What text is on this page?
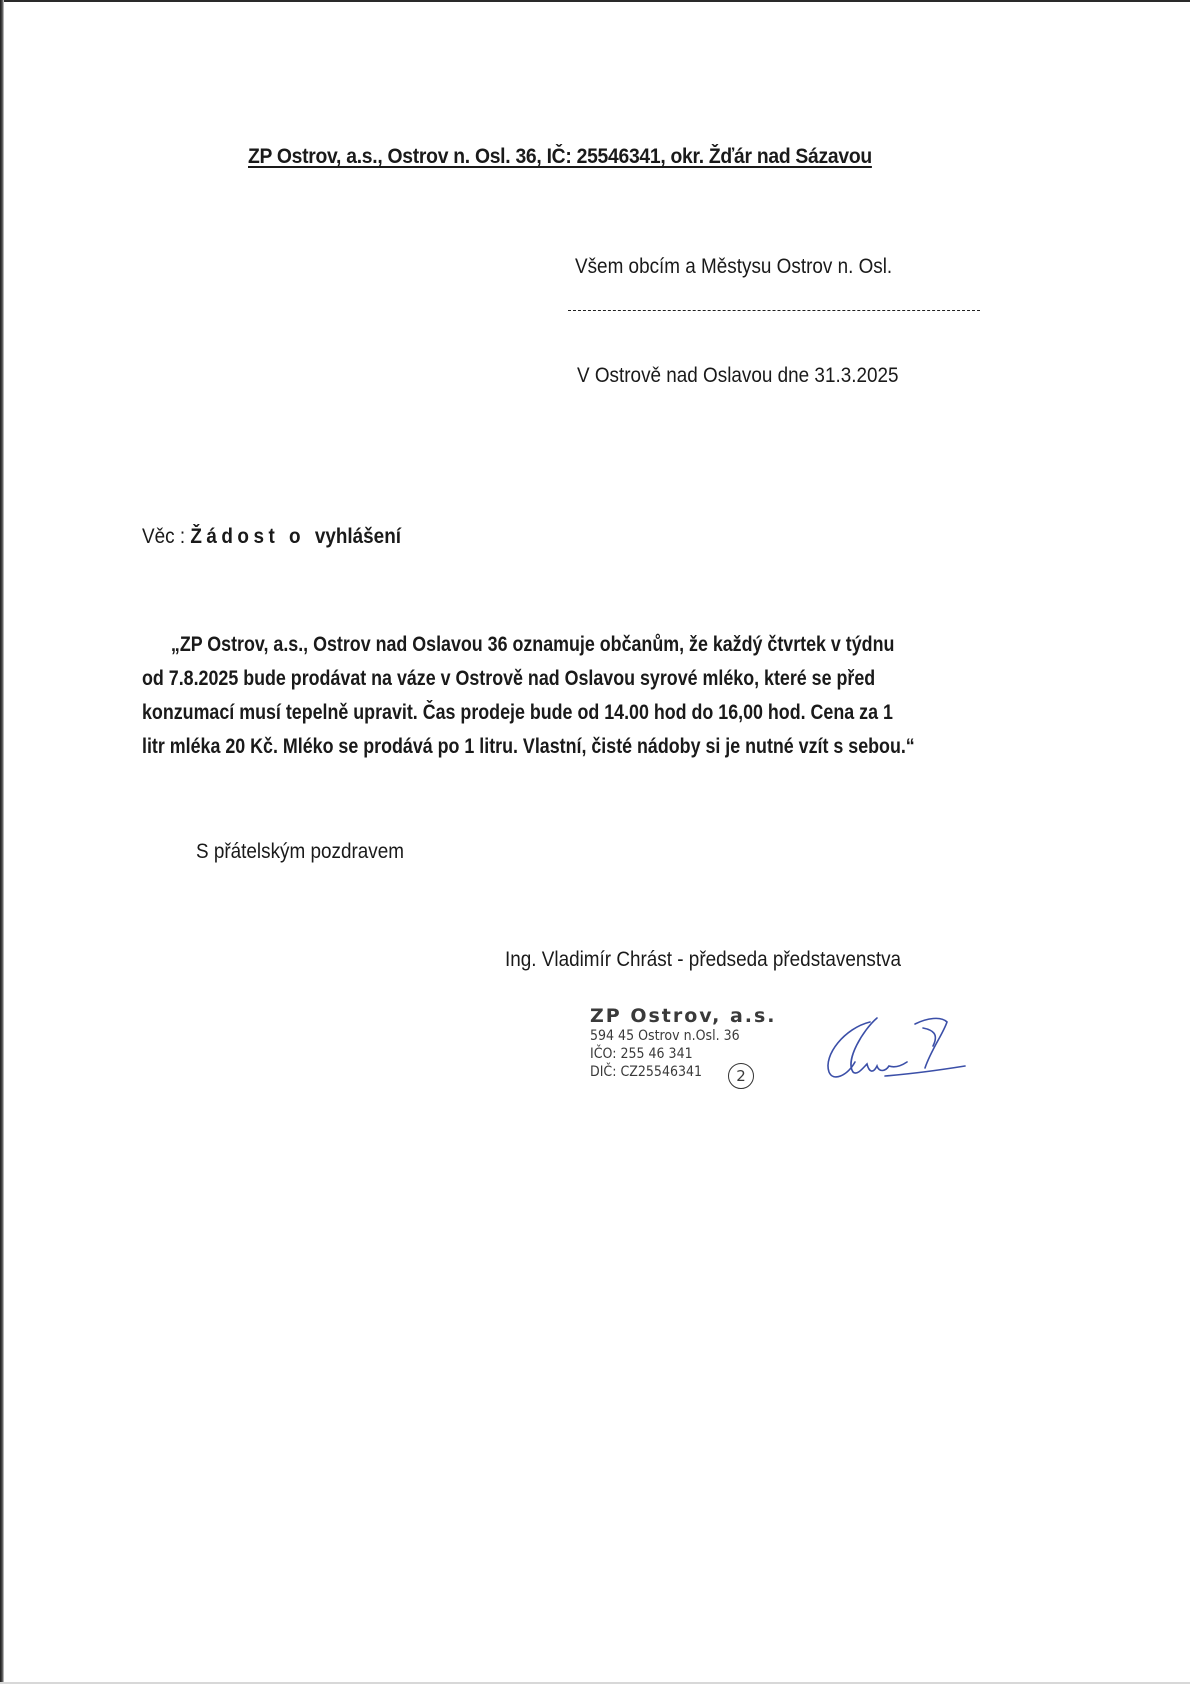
ZP Ostrov, a.s., Ostrov n. Osl. 36, IČ: 25546341, okr. Žďár nad Sázavou
Všem obcím a Městysu Ostrov n. Osl.
V Ostrově nad Oslavou dne 31.3.2025
Věc : Žádost o vyhlášení
„ZP Ostrov, a.s., Ostrov nad Oslavou 36 oznamuje občanům, že každý čtvrtek v týdnu
od 7.8.2025 bude prodávat na váze v Ostrově nad Oslavou syrové mléko, které se před
konzumací musí tepelně upravit. Čas prodeje bude od 14.00 hod do 16,00 hod. Cena za 1
litr mléka 20 Kč. Mléko se prodává po 1 litru. Vlastní, čisté nádoby si je nutné vzít s sebou.“
S přátelským pozdravem
Ing. Vladimír Chrást - předseda představenstva
ZP Ostrov, a.s.
594 45 Ostrov n.Osl. 36
IČO: 255 46 341
DIČ: CZ25546341	2
